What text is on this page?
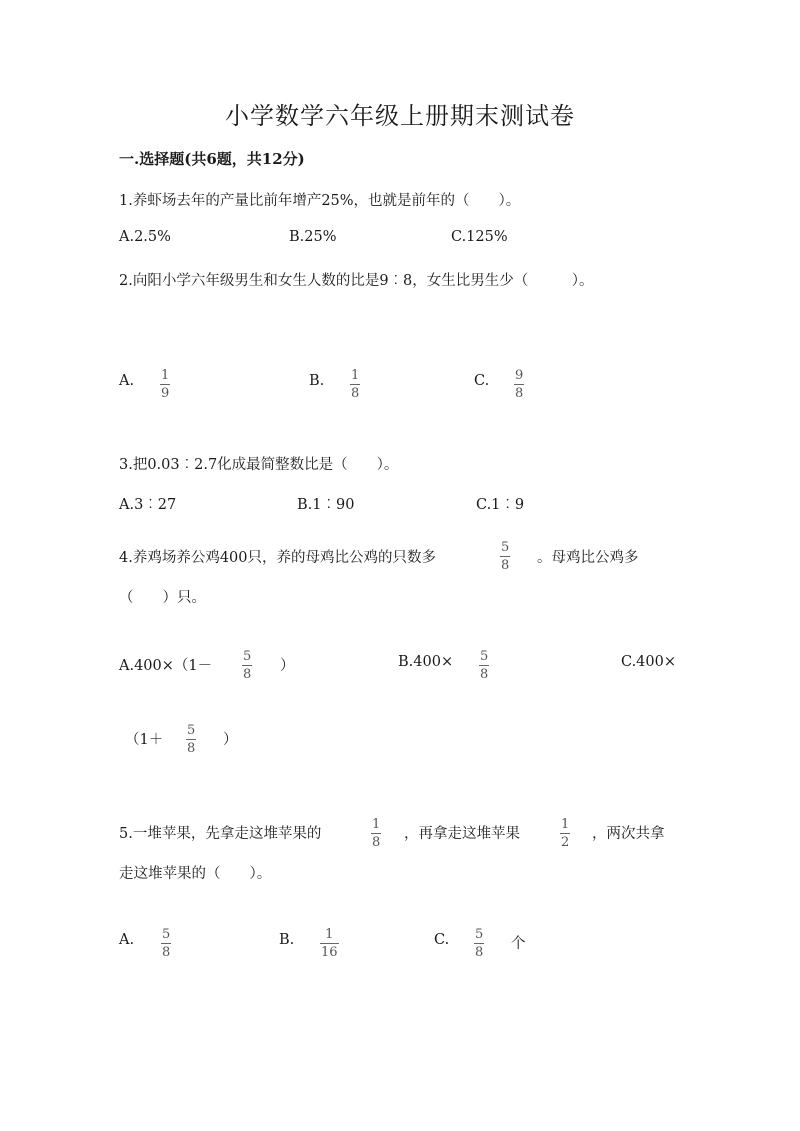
小学数学六年级上册期末测试卷
一.选择题(共6题，共12分)
1.养虾场去年的产量比前年增产25%，也就是前年的（　　）。
A.2.5%	B.25%	C.125%
2.向阳小学六年级男生和女生人数的比是9︰8，女生比男生少（　　　）。
A. 1
9
B. 1
8
C. 9
8
3.把0.03︰2.7化成最简整数比是（　　）。
A.3︰27	B.1︰90	C.1︰9
4.养鸡场养公鸡400只，养的母鸡比公鸡的只数多
5
8 。母鸡比公鸡多
（　　）只。
A.400×（1－
5
8
）	B.400× 5
8
C.400×
（1＋
5
8
）
5.一堆苹果，先拿走这堆苹果的
1
8
，再拿走这堆苹果
1
2
，两次共拿
走这堆苹果的（　　）。
A. 5
8
B. 1
16
C. 5
8
个
